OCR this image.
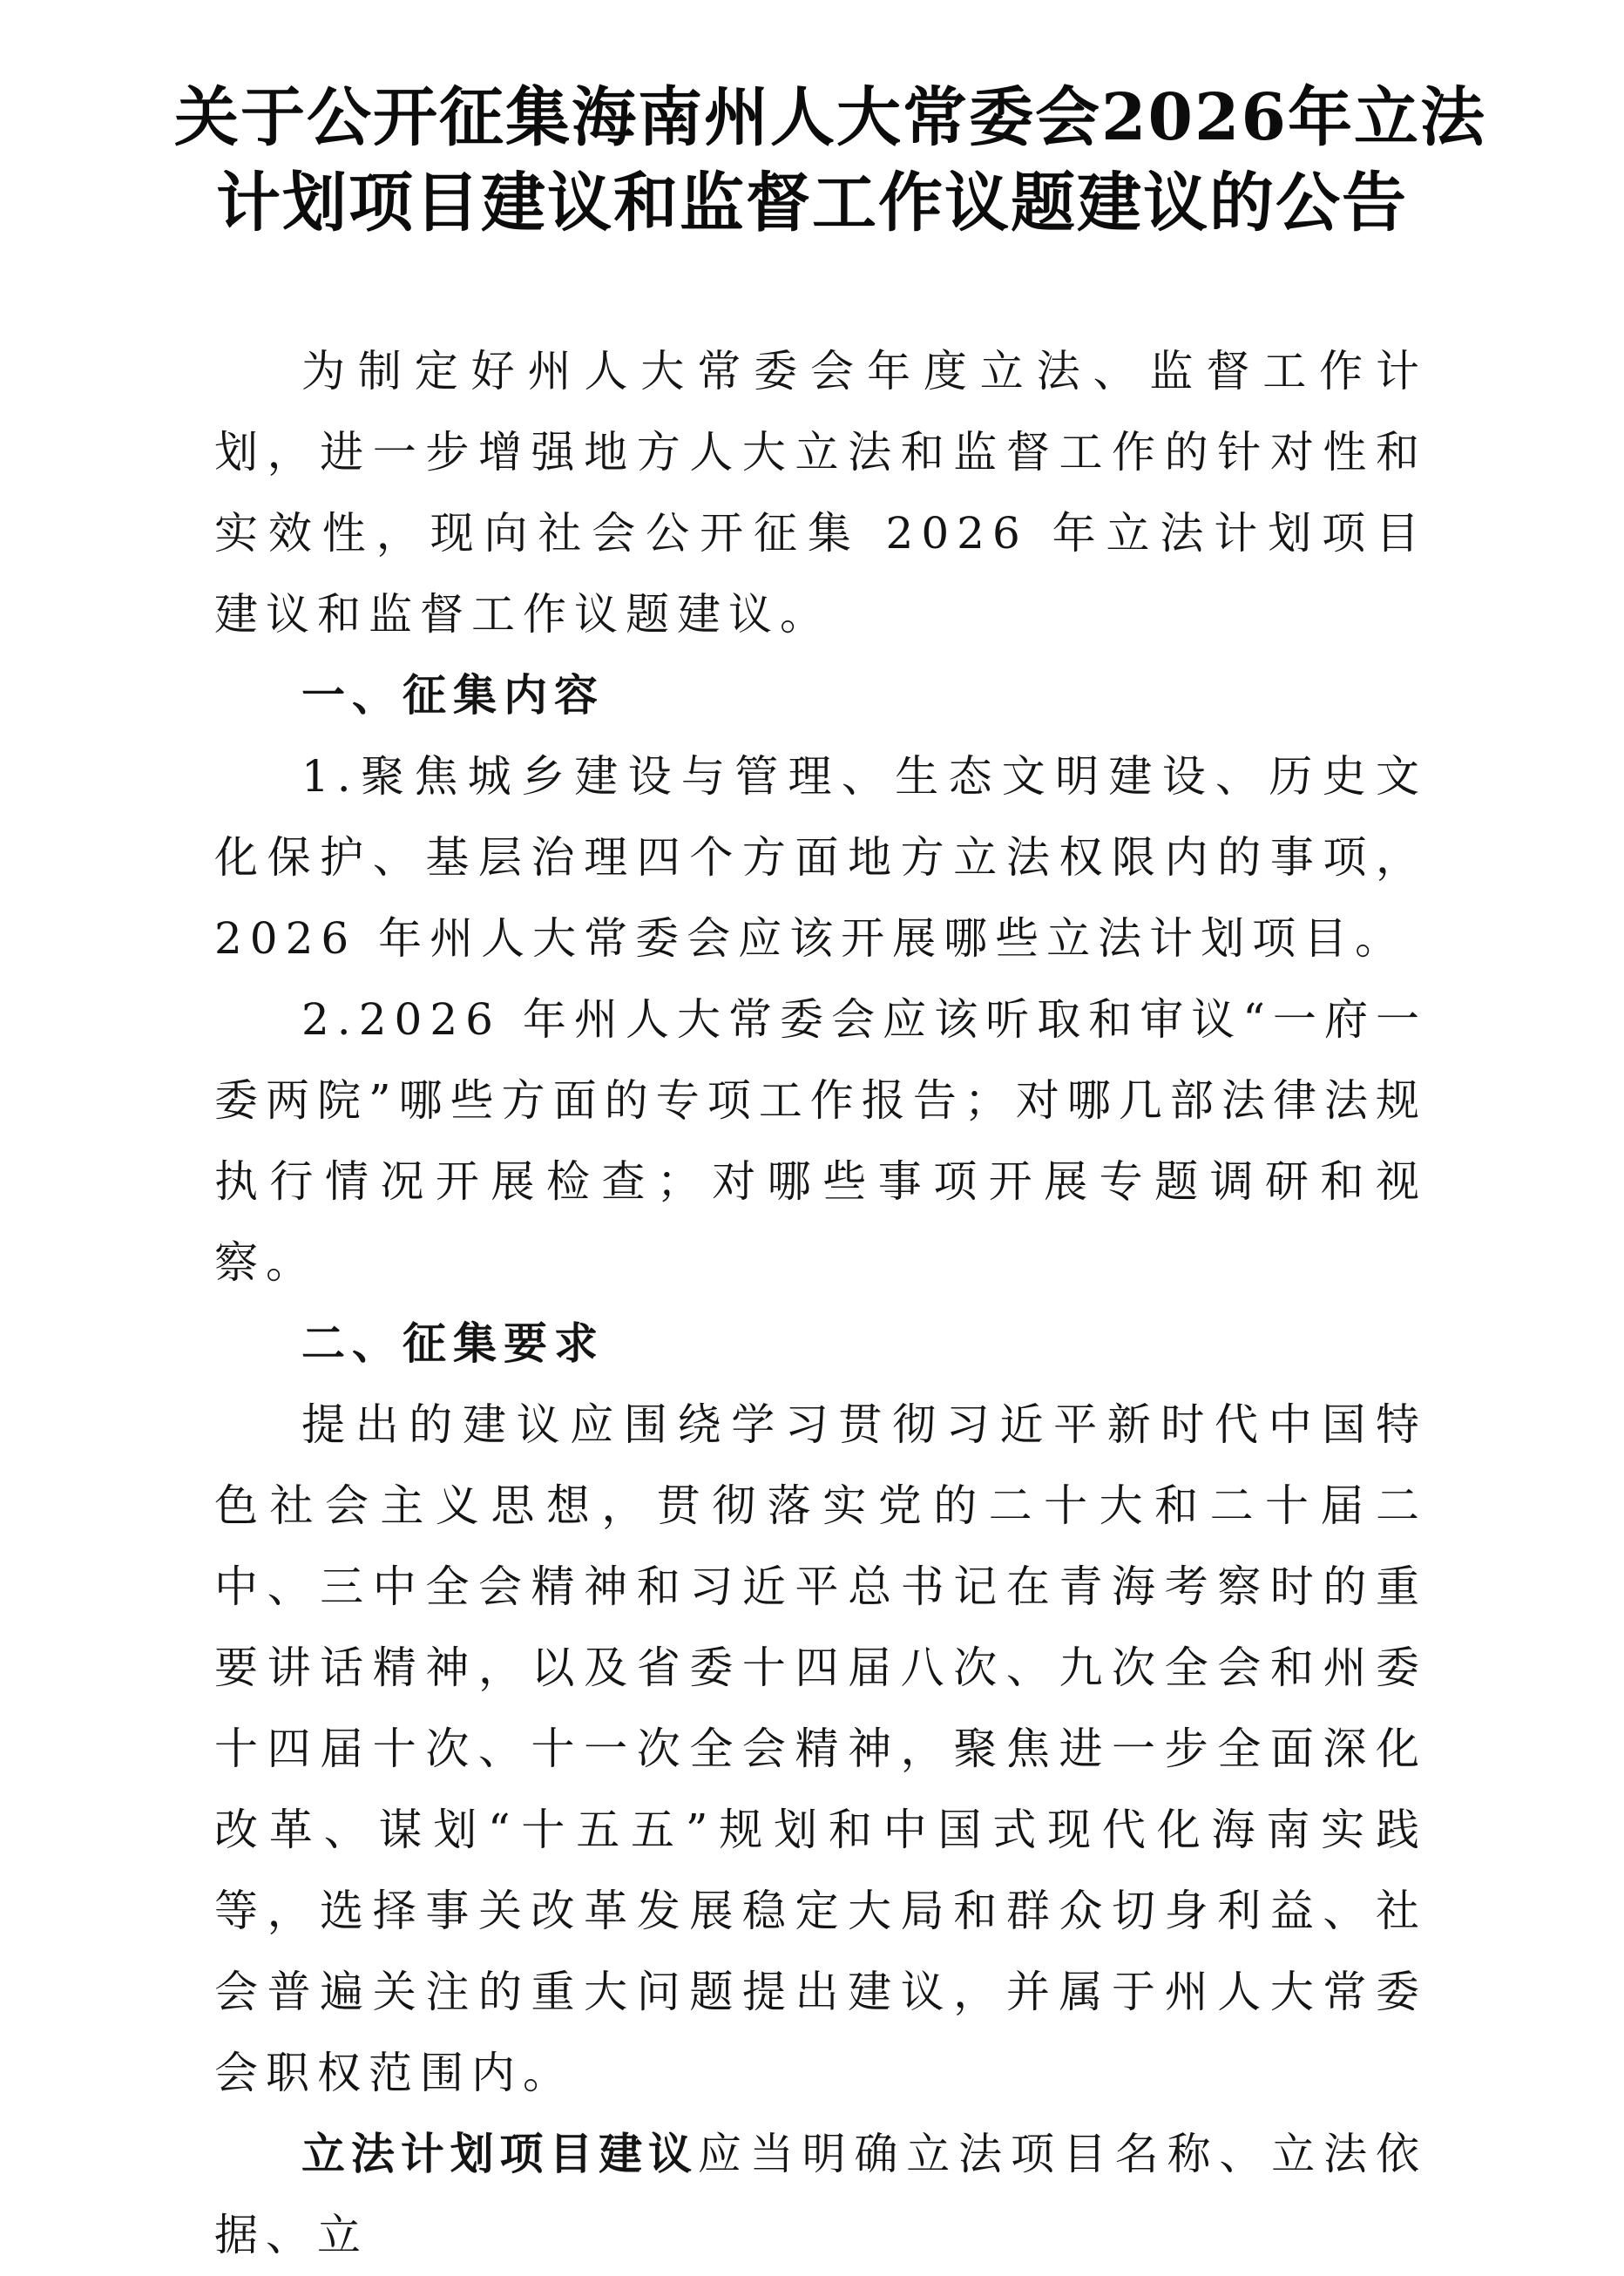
关于公开征集海南州人大常委会2026年立法
计划项目建议和监督工作议题建议的公告

为制定好州人大常委会年度立法、监督工作计划，进一步增强地方人大立法和监督工作的针对性和实效性，现向社会公开征集 2026 年立法计划项目建议和监督工作议题建议。

一、征集内容

1.聚焦城乡建设与管理、生态文明建设、历史文化保护、基层治理四个方面地方立法权限内的事项，2026 年州人大常委会应该开展哪些立法计划项目。

2.2026 年州人大常委会应该听取和审议“一府一委两院”哪些方面的专项工作报告；对哪几部法律法规执行情况开展检查；对哪些事项开展专题调研和视察。

二、征集要求

提出的建议应围绕学习贯彻习近平新时代中国特色社会主义思想，贯彻落实党的二十大和二十届二中、三中全会精神和习近平总书记在青海考察时的重要讲话精神，以及省委十四届八次、九次全会和州委十四届十次、十一次全会精神，聚焦进一步全面深化改革、谋划“十五五”规划和中国式现代化海南实践等，选择事关改革发展稳定大局和群众切身利益、社会普遍关注的重大问题提出建议，并属于州人大常委会职权范围内。

立法计划项目建议应当明确立法项目名称、立法依据、立
